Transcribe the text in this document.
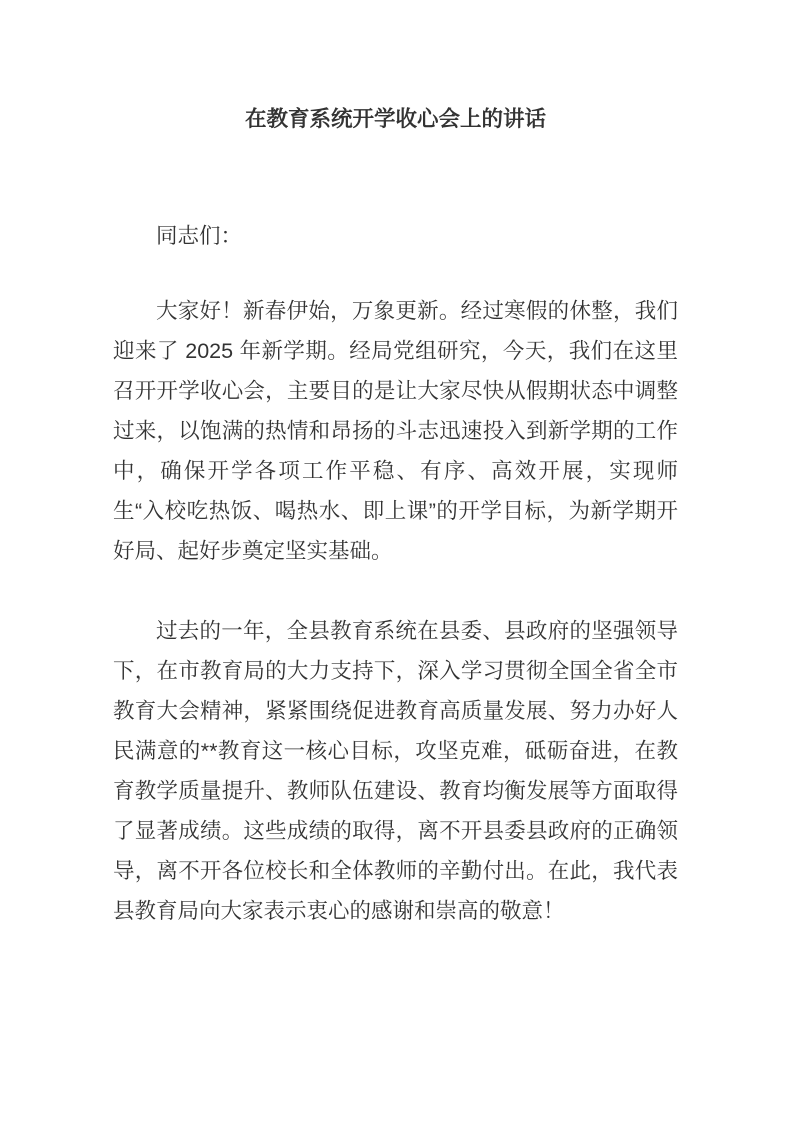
在教育系统开学收心会上的讲话

同志们：

大家好！新春伊始，万象更新。经过寒假的休整，我们迎来了 2025 年新学期。经局党组研究，今天，我们在这里召开开学收心会，主要目的是让大家尽快从假期状态中调整过来，以饱满的热情和昂扬的斗志迅速投入到新学期的工作中，确保开学各项工作平稳、有序、高效开展，实现师生“入校吃热饭、喝热水、即上课”的开学目标，为新学期开好局、起好步奠定坚实基础。

过去的一年，全县教育系统在县委、县政府的坚强领导下，在市教育局的大力支持下，深入学习贯彻全国全省全市教育大会精神，紧紧围绕促进教育高质量发展、努力办好人民满意的**教育这一核心目标，攻坚克难，砥砺奋进，在教育教学质量提升、教师队伍建设、教育均衡发展等方面取得了显著成绩。这些成绩的取得，离不开县委县政府的正确领导，离不开各位校长和全体教师的辛勤付出。在此，我代表县教育局向大家表示衷心的感谢和崇高的敬意！
